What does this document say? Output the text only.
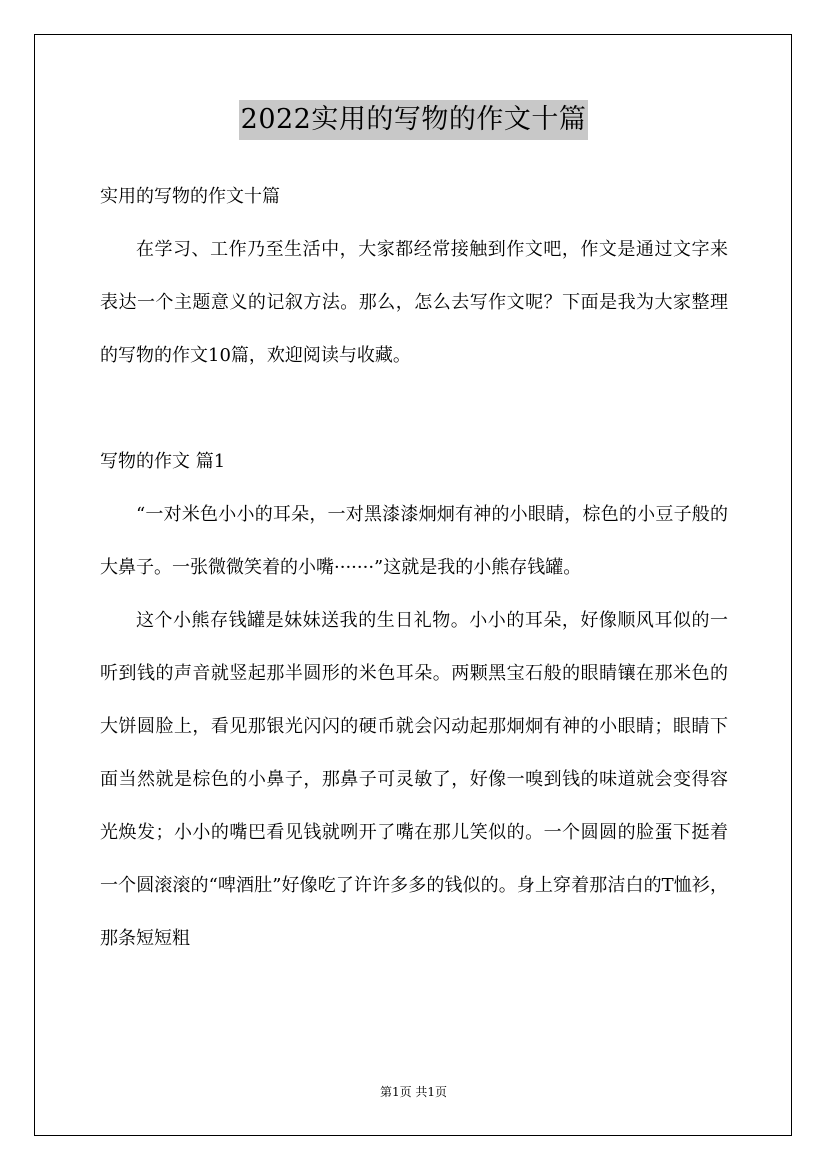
2022实用的写物的作文十篇

实用的写物的作文十篇

在学习、工作乃至生活中，大家都经常接触到作文吧，作文是通过文字来表达一个主题意义的记叙方法。那么，怎么去写作文呢？下面是我为大家整理的写物的作文10篇，欢迎阅读与收藏。

写物的作文 篇1

“一对米色小小的耳朵，一对黑漆漆炯炯有神的小眼睛，棕色的小豆子般的大鼻子。一张微微笑着的小嘴·······”这就是我的小熊存钱罐。

这个小熊存钱罐是妹妹送我的生日礼物。小小的耳朵，好像顺风耳似的一听到钱的声音就竖起那半圆形的米色耳朵。两颗黑宝石般的眼睛镶在那米色的大饼圆脸上，看见那银光闪闪的硬币就会闪动起那炯炯有神的小眼睛；眼睛下面当然就是棕色的小鼻子，那鼻子可灵敏了，好像一嗅到钱的味道就会变得容光焕发；小小的嘴巴看见钱就咧开了嘴在那儿笑似的。一个圆圆的脸蛋下挺着一个圆滚滚的“啤酒肚”好像吃了许许多多的钱似的。身上穿着那洁白的T恤衫，那条短短粗

第1页 共1页
